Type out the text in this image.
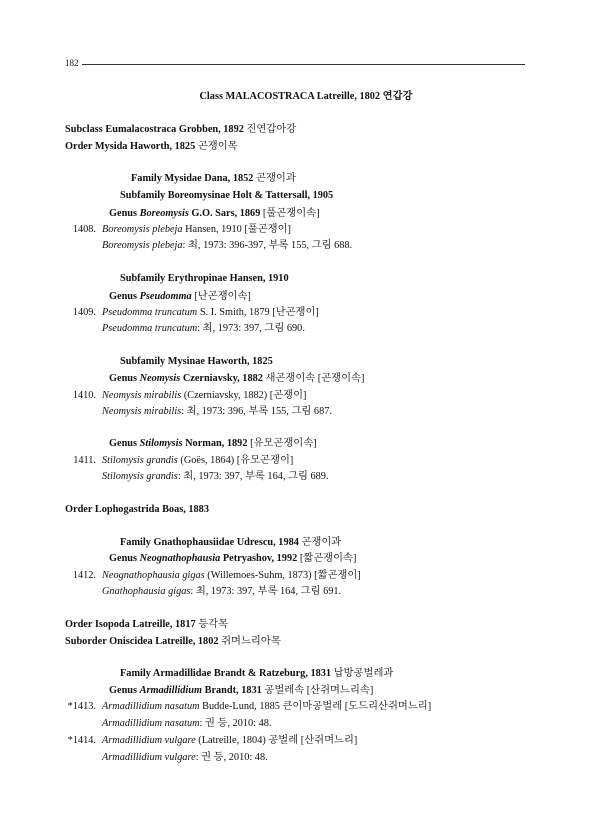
182
Class MALACOSTRACA Latreille, 1802 연갑강
Subclass Eumalacostraca Grobben, 1892 진연갑아강
Order Mysida Haworth, 1825 곤쟁이목
Family Mysidae Dana, 1852 곤쟁이과
Subfamily Boreomysinae Holt & Tattersall, 1905
Genus Boreomysis G.O. Sars, 1869 [풀곤쟁이속]
1408. Boreomysis plebeja Hansen, 1910 [풀곤쟁이]
Boreomysis plebeja: 최, 1973: 396-397, 부록 155, 그림 688.
Subfamily Erythropinae Hansen, 1910
Genus Pseudomma [난곤쟁이속]
1409. Pseudomma truncatum S. I. Smith, 1879 [난곤쟁이]
Pseudomma truncatum: 최, 1973: 397, 그림 690.
Subfamily Mysinae Haworth, 1825
Genus Neomysis Czerniavsky, 1882 새곤쟁이속 [곤쟁이속]
1410. Neomysis mirabilis (Czerniavsky, 1882) [곤쟁이]
Neomysis mirabilis: 최, 1973: 396, 부록 155, 그림 687.
Genus Stilomysis Norman, 1892 [유모곤쟁이속]
1411. Stilomysis grandis (Goës, 1864) [유모곤쟁이]
Stilomysis grandis: 최, 1973: 397, 부록 164, 그림 689.
Order Lophogastrida Boas, 1883
Family Gnathophausiidae Udrescu, 1984 곤쟁이과
Genus Neognathophausia Petryashov, 1992 [짧곤쟁이속]
1412. Neognathophausia gigas (Willemoes-Suhm, 1873) [짧곤쟁이]
Gnathophausia gigas: 최, 1973: 397, 부록 164, 그림 691.
Order Isopoda Latreille, 1817 등각목
Suborder Oniscidea Latreille, 1802 쥐며느리아목
Family Armadillidae Brandt & Ratzeburg, 1831 납방공벌레과
Genus Armadillidium Brandt, 1831 공벌레속 [산쥐며느리속]
*1413. Armadillidium nasatum Budde-Lund, 1885 큰이마공벌레 [도드리산쥐며느리]
Armadillidium nasatum: 권 등, 2010: 48.
*1414. Armadillidium vulgare (Latreille, 1804) 공벌레 [산쥐며느리]
Armadillidium vulgare: 권 등, 2010: 48.
